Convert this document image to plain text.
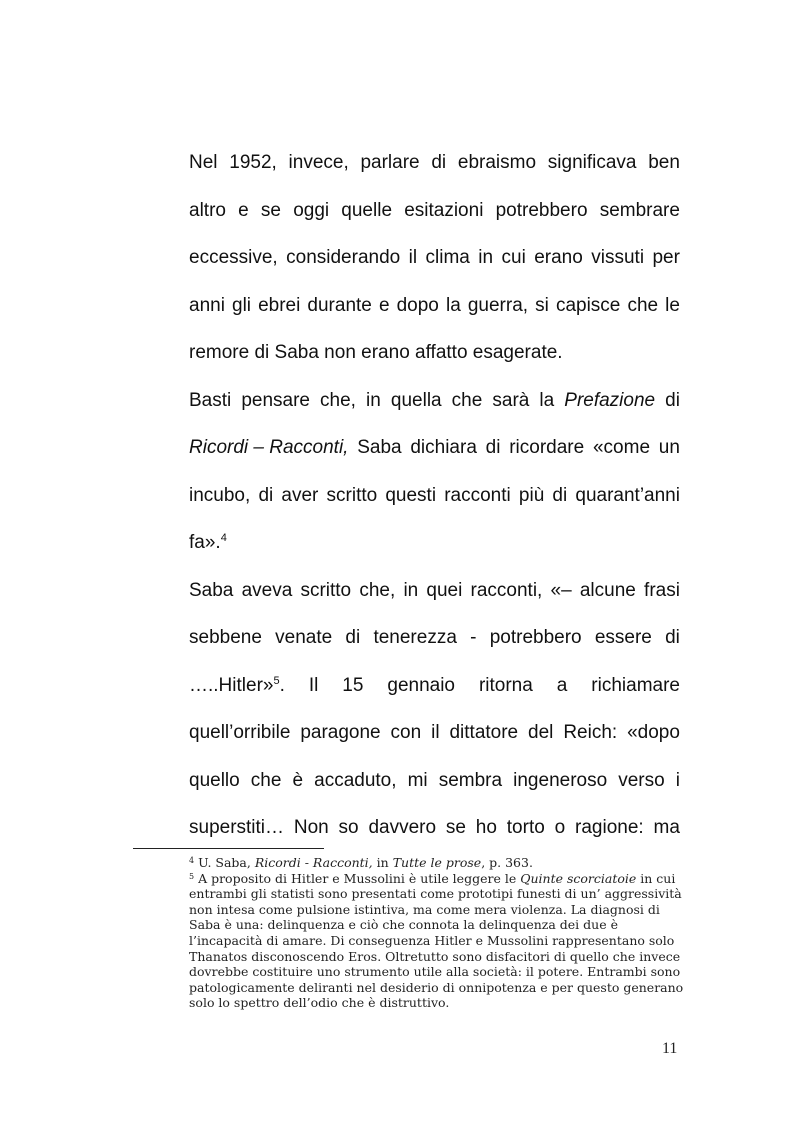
Nel 1952, invece, parlare di ebraismo significava ben
altro e se oggi quelle esitazioni potrebbero sembrare
eccessive, considerando il clima in cui erano vissuti per
anni gli ebrei durante e dopo la guerra, si capisce che le
remore di Saba non erano affatto esagerate.
Basti pensare che, in quella che sarà la Prefazione di
Ricordi – Racconti, Saba dichiara di ricordare «come un
incubo, di aver scritto questi racconti più di quarant’anni
fa».$^4$
Saba aveva scritto che, in quei racconti, «– alcune frasi
sebbene venate di tenerezza - potrebbero essere di
…..Hitler»$^5$. Il 15 gennaio ritorna a richiamare
quell’orribile paragone con il dittatore del Reich: «dopo
quello che è accaduto, mi sembra ingeneroso verso i
superstiti… Non so davvero se ho torto o ragione: ma
$^4$ U. Saba, Ricordi - Racconti, in Tutte le prose, p. 363.
$^5$ A proposito di Hitler e Mussolini è utile leggere le Quinte scorciatoie in cui
entrambi gli statisti sono presentati come prototipi funesti di un’ aggressività
non intesa come pulsione istintiva, ma come mera violenza. La diagnosi di
Saba è una: delinquenza e ciò che connota la delinquenza dei due è
l’incapacità di amare. Di conseguenza Hitler e Mussolini rappresentano solo
Thanatos disconoscendo Eros. Oltretutto sono disfacitori di quello che invece
dovrebbe costituire uno strumento utile alla società: il potere. Entrambi sono
patologicamente deliranti nel desiderio di onnipotenza e per questo generano
solo lo spettro dell’odio che è distruttivo.
11
